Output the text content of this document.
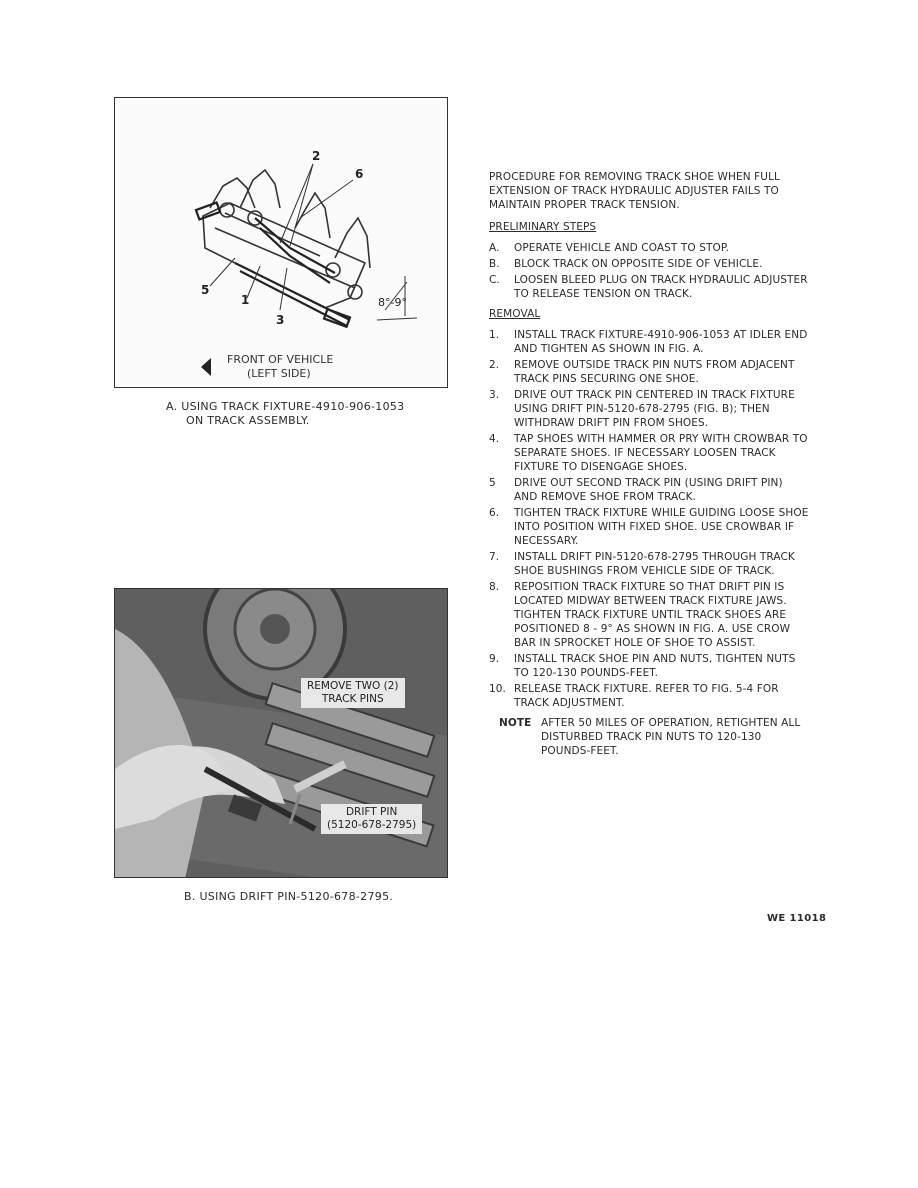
2
6
5
1
3
8°-9°
FRONT OF VEHICLE
(LEFT SIDE)
A. USING TRACK FIXTURE-4910-906-1053
ON TRACK ASSEMBLY.
REMOVE TWO (2)
TRACK PINS
DRIFT PIN
(5120-678-2795)
B. USING DRIFT PIN-5120-678-2795.

PROCEDURE FOR REMOVING TRACK SHOE WHEN FULL EXTENSION OF TRACK HYDRAULIC ADJUSTER FAILS TO MAINTAIN PROPER TRACK TENSION.

PRELIMINARY STEPS

A.	OPERATE VEHICLE AND COAST TO STOP.

B.	BLOCK TRACK ON OPPOSITE SIDE OF VEHICLE.

C.	LOOSEN BLEED PLUG ON TRACK HYDRAULIC ADJUSTER TO RELEASE TENSION ON TRACK.

REMOVAL

1.	INSTALL TRACK FIXTURE-4910-906-1053 AT IDLER END AND TIGHTEN AS SHOWN IN FIG. A.

2.	REMOVE OUTSIDE TRACK PIN NUTS FROM ADJACENT TRACK PINS SECURING ONE SHOE.

3.	DRIVE OUT TRACK PIN CENTERED IN TRACK FIXTURE USING DRIFT PIN-5120-678-2795 (FIG. B); THEN WITHDRAW DRIFT PIN FROM SHOES.

4.	TAP SHOES WITH HAMMER OR PRY WITH CROWBAR TO SEPARATE SHOES. IF NECESSARY LOOSEN TRACK FIXTURE TO DISENGAGE SHOES.

5	DRIVE OUT SECOND TRACK PIN (USING DRIFT PIN) AND REMOVE SHOE FROM TRACK.

6.	TIGHTEN TRACK FIXTURE WHILE GUIDING LOOSE SHOE INTO POSITION WITH FIXED SHOE. USE CROWBAR IF NECESSARY.

7.	INSTALL DRIFT PIN-5120-678-2795 THROUGH TRACK SHOE BUSHINGS FROM VEHICLE SIDE OF TRACK.

8.	REPOSITION TRACK FIXTURE SO THAT DRIFT PIN IS LOCATED MIDWAY BETWEEN TRACK FIXTURE JAWS. TIGHTEN TRACK FIXTURE UNTIL TRACK SHOES ARE POSITIONED 8 - 9° AS SHOWN IN FIG. A. USE CROW BAR IN SPROCKET HOLE OF SHOE TO ASSIST.

9.	INSTALL TRACK SHOE PIN AND NUTS, TIGHTEN NUTS TO 120-130 POUNDS-FEET.

10. RELEASE TRACK FIXTURE. REFER TO FIG. 5-4 FOR TRACK ADJUSTMENT.

NOTE AFTER 50 MILES OF OPERATION, RETIGHTEN ALL DISTURBED TRACK PIN NUTS TO 120-130 POUNDS-FEET.

WE 11018
